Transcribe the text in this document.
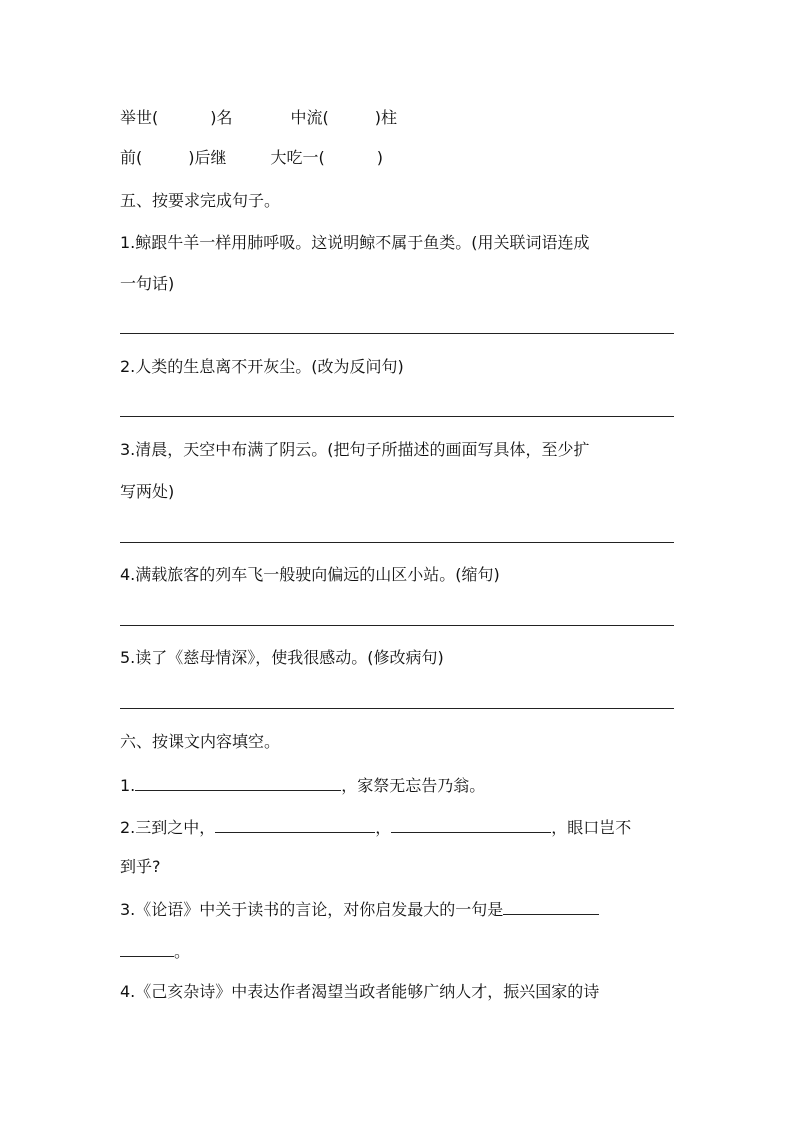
举世(	)名	中流(	)柱
前(	)后继	大吃一(	)
五、按要求完成句子。
1.鲸跟牛羊一样用肺呼吸。这说明鲸不属于鱼类。(用关联词语连成
一句话)
2.人类的生息离不开灰尘。(改为反问句)
3.清晨，天空中布满了阴云。(把句子所描述的画面写具体，至少扩
写两处)
4.满载旅客的列车飞一般驶向偏远的山区小站。(缩句)
5.读了《慈母情深》，使我很感动。(修改病句)
六、按课文内容填空。
1.	，家祭无忘告乃翁。
2.三到之中，	，	，眼口岂不
到乎?
3.《论语》中关于读书的言论，对你启发最大的一句是
。
4.《己亥杂诗》中表达作者渴望当政者能够广纳人才，振兴国家的诗
